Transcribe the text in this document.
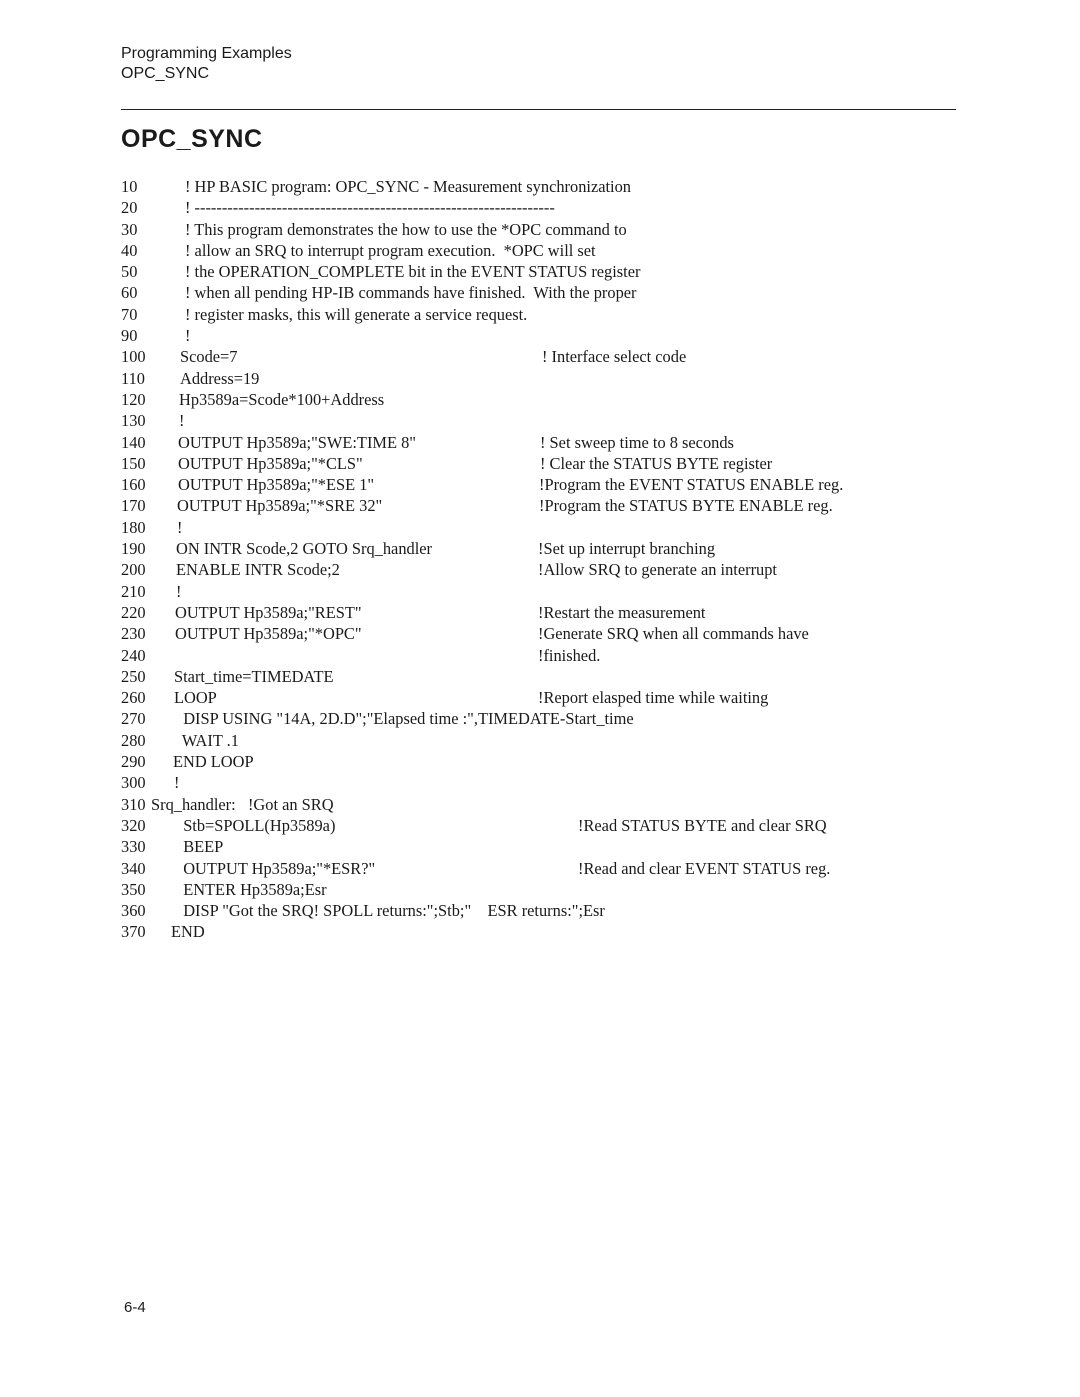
Programming Examples
OPC_SYNC
OPC_SYNC
10	! HP BASIC program: OPC_SYNC - Measurement synchronization
20	! ------------------------------------------------------------------
30	! This program demonstrates the how to use the *OPC command to
40	! allow an SRQ to interrupt program execution.  *OPC will set
50	! the OPERATION_COMPLETE bit in the EVENT STATUS register
60	! when all pending HP-IB commands have finished.  With the proper
70	! register masks, this will generate a service request.
90	!
100 Scode=7	! Interface select code
110 Address=19
120 Hp3589a=Scode*100+Address
130 !
140 OUTPUT Hp3589a;"SWE:TIME 8"	! Set sweep time to 8 seconds
150 OUTPUT Hp3589a;"*CLS"	! Clear the STATUS BYTE register
160 OUTPUT Hp3589a;"*ESE 1"	!Program the EVENT STATUS ENABLE reg.
170 OUTPUT Hp3589a;"*SRE 32"	!Program the STATUS BYTE ENABLE reg.
180 !
190 ON INTR Scode,2 GOTO Srq_handler	!Set up interrupt branching
200 ENABLE INTR Scode;2	!Allow SRQ to generate an interrupt
210 !
220 OUTPUT Hp3589a;"REST"	!Restart the measurement
230 OUTPUT Hp3589a;"*OPC"	!Generate SRQ when all commands have
240	!finished.
250 Start_time=TIMEDATE
260 LOOP	!Report elasped time while waiting
270 DISP USING "14A, 2D.D";"Elapsed time :",TIMEDATE-Start_time
280 WAIT .1
290 END LOOP
300 !
310 Srq_handler:   !Got an SRQ
320 Stb=SPOLL(Hp3589a)	!Read STATUS BYTE and clear SRQ
330 BEEP
340 OUTPUT Hp3589a;"*ESR?"	!Read and clear EVENT STATUS reg.
350 ENTER Hp3589a;Esr
360 DISP "Got the SRQ! SPOLL returns:";Stb;"    ESR returns:";Esr
370 END
6-4
